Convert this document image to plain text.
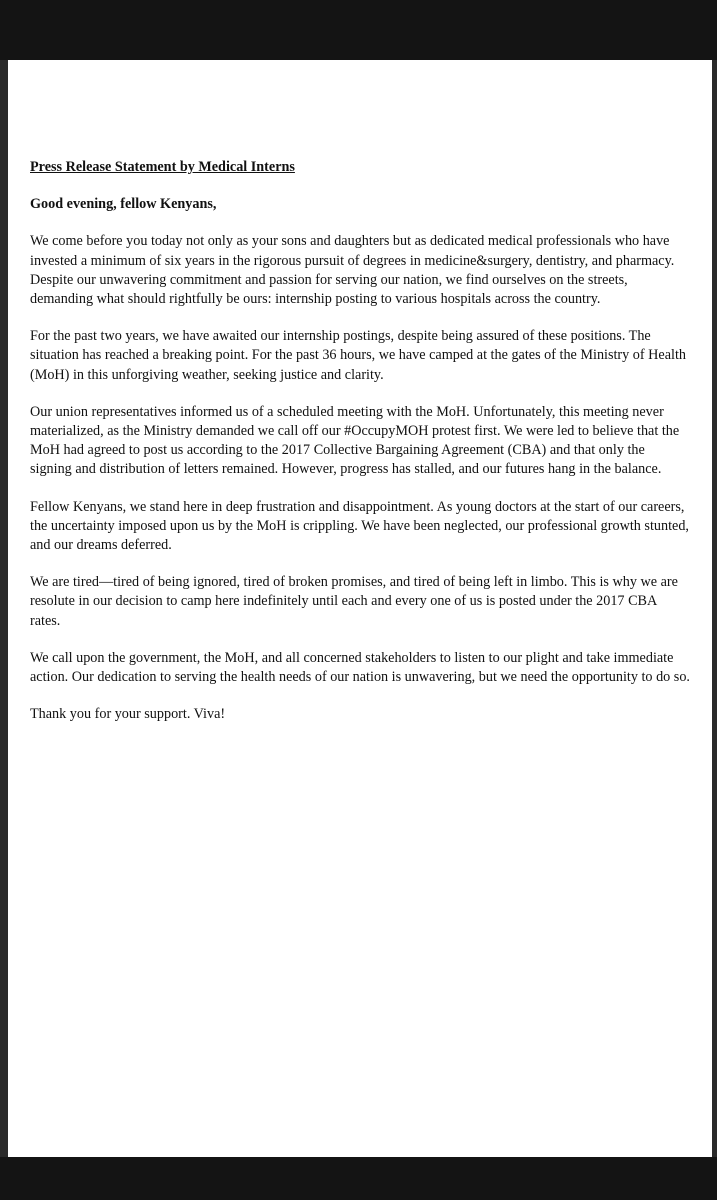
Press Release Statement by Medical Interns
Good evening, fellow Kenyans,

We come before you today not only as your sons and daughters but as dedicated medical professionals who have invested a minimum of six years in the rigorous pursuit of degrees in medicine&surgery, dentistry, and pharmacy. Despite our unwavering commitment and passion for serving our nation, we find ourselves on the streets, demanding what should rightfully be ours: internship posting to various hospitals across the country.

For the past two years, we have awaited our internship postings, despite being assured of these positions. The situation has reached a breaking point. For the past 36 hours, we have camped at the gates of the Ministry of Health (MoH) in this unforgiving weather, seeking justice and clarity.

Our union representatives informed us of a scheduled meeting with the MoH. Unfortunately, this meeting never materialized, as the Ministry demanded we call off our #OccupyMOH protest first. We were led to believe that the MoH had agreed to post us according to the 2017 Collective Bargaining Agreement (CBA) and that only the signing and distribution of letters remained. However, progress has stalled, and our futures hang in the balance.

Fellow Kenyans, we stand here in deep frustration and disappointment. As young doctors at the start of our careers, the uncertainty imposed upon us by the MoH is crippling. We have been neglected, our professional growth stunted, and our dreams deferred.

We are tired—tired of being ignored, tired of broken promises, and tired of being left in limbo. This is why we are resolute in our decision to camp here indefinitely until each and every one of us is posted under the 2017 CBA rates.

We call upon the government, the MoH, and all concerned stakeholders to listen to our plight and take immediate action. Our dedication to serving the health needs of our nation is unwavering, but we need the opportunity to do so.

Thank you for your support. Viva!
